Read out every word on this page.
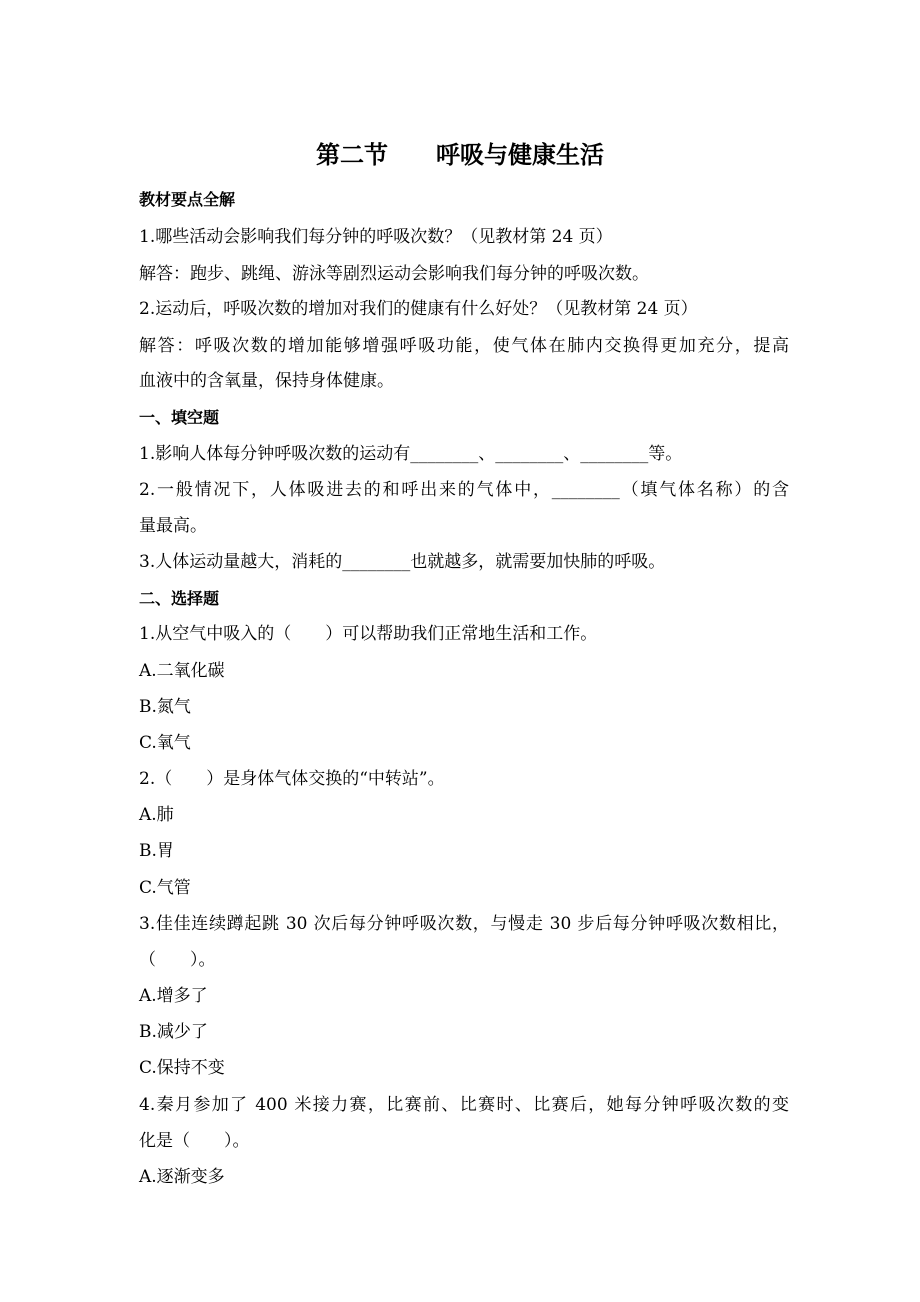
第二节　　呼吸与健康生活
教材要点全解
1.哪些活动会影响我们每分钟的呼吸次数？（见教材第 24 页）
解答：跑步、跳绳、游泳等剧烈运动会影响我们每分钟的呼吸次数。
2.运动后，呼吸次数的增加对我们的健康有什么好处？（见教材第 24 页）
解答：呼吸次数的增加能够增强呼吸功能，使气体在肺内交换得更加充分，提高
血液中的含氧量，保持身体健康。
一、填空题
1.影响人体每分钟呼吸次数的运动有________、________、________等。
2.一般情况下，人体吸进去的和呼出来的气体中，________（填气体名称）的含
量最高。
3.人体运动量越大，消耗的________也就越多，就需要加快肺的呼吸。
二、选择题
1.从空气中吸入的（　　）可以帮助我们正常地生活和工作。
A.二氧化碳
B.氮气
C.氧气
2.（　　）是身体气体交换的“中转站”。
A.肺
B.胃
C.气管
3.佳佳连续蹲起跳 30 次后每分钟呼吸次数，与慢走 30 步后每分钟呼吸次数相比，
（　　）。
A.增多了
B.减少了
C.保持不变
4.秦月参加了 400 米接力赛，比赛前、比赛时、比赛后，她每分钟呼吸次数的变
化是（　　）。
A.逐渐变多
